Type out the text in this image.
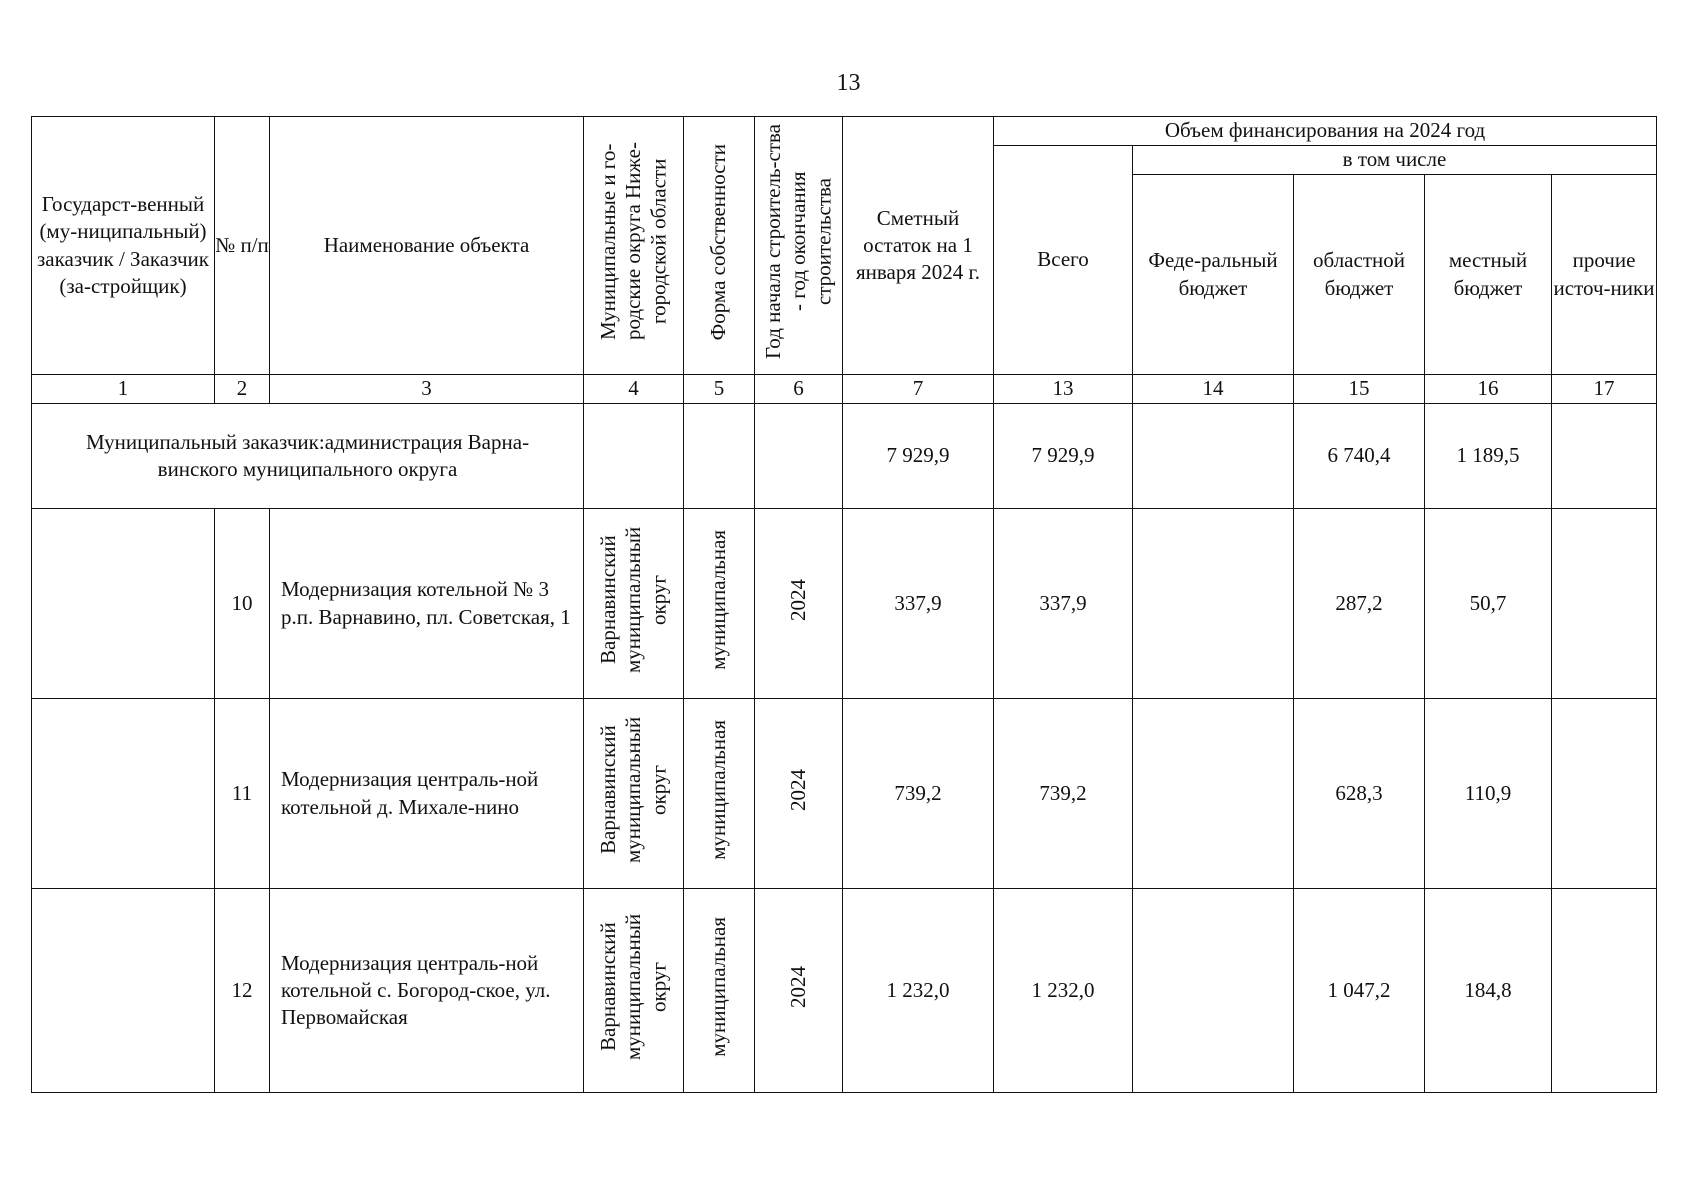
13
Государст-венный (му-ниципальный) заказчик / Заказчик (за-стройщик)	№ п/п	Наименование объекта	Муниципальные и го-родские округа Ниже-городской области	Форма собственности	Год начала строитель-ства - год окончания строительства	Сметный остаток на 1 января 2024 г.	Объем финансирования на 2024 год				
							Всего	в том числе			
								Феде-ральный бюджет	областной бюджет	местный бюджет	прочие источ-ники
1	2	3	4	5	6	7	13	14	15	16	17

Муниципальный заказчик:администрация Варна-винского муниципального округа						7 929,9	7 929,9		6 740,4	1 189,5	
	10	Модернизация котельной № 3 р.п. Варнавино, пл. Советская, 1	Варнавинский муниципальный округ	муниципальная	2024	337,9	337,9		287,2	50,7	
	11	Модернизация централь-ной котельной д. Михале-нино	Варнавинский муниципальный округ	муниципальная	2024	739,2	739,2		628,3	110,9	
	12	Модернизация централь-ной котельной с. Богород-ское, ул. Первомайская	Варнавинский муниципальный округ	муниципальная	2024	1 232,0	1 232,0		1 047,2	184,8	
